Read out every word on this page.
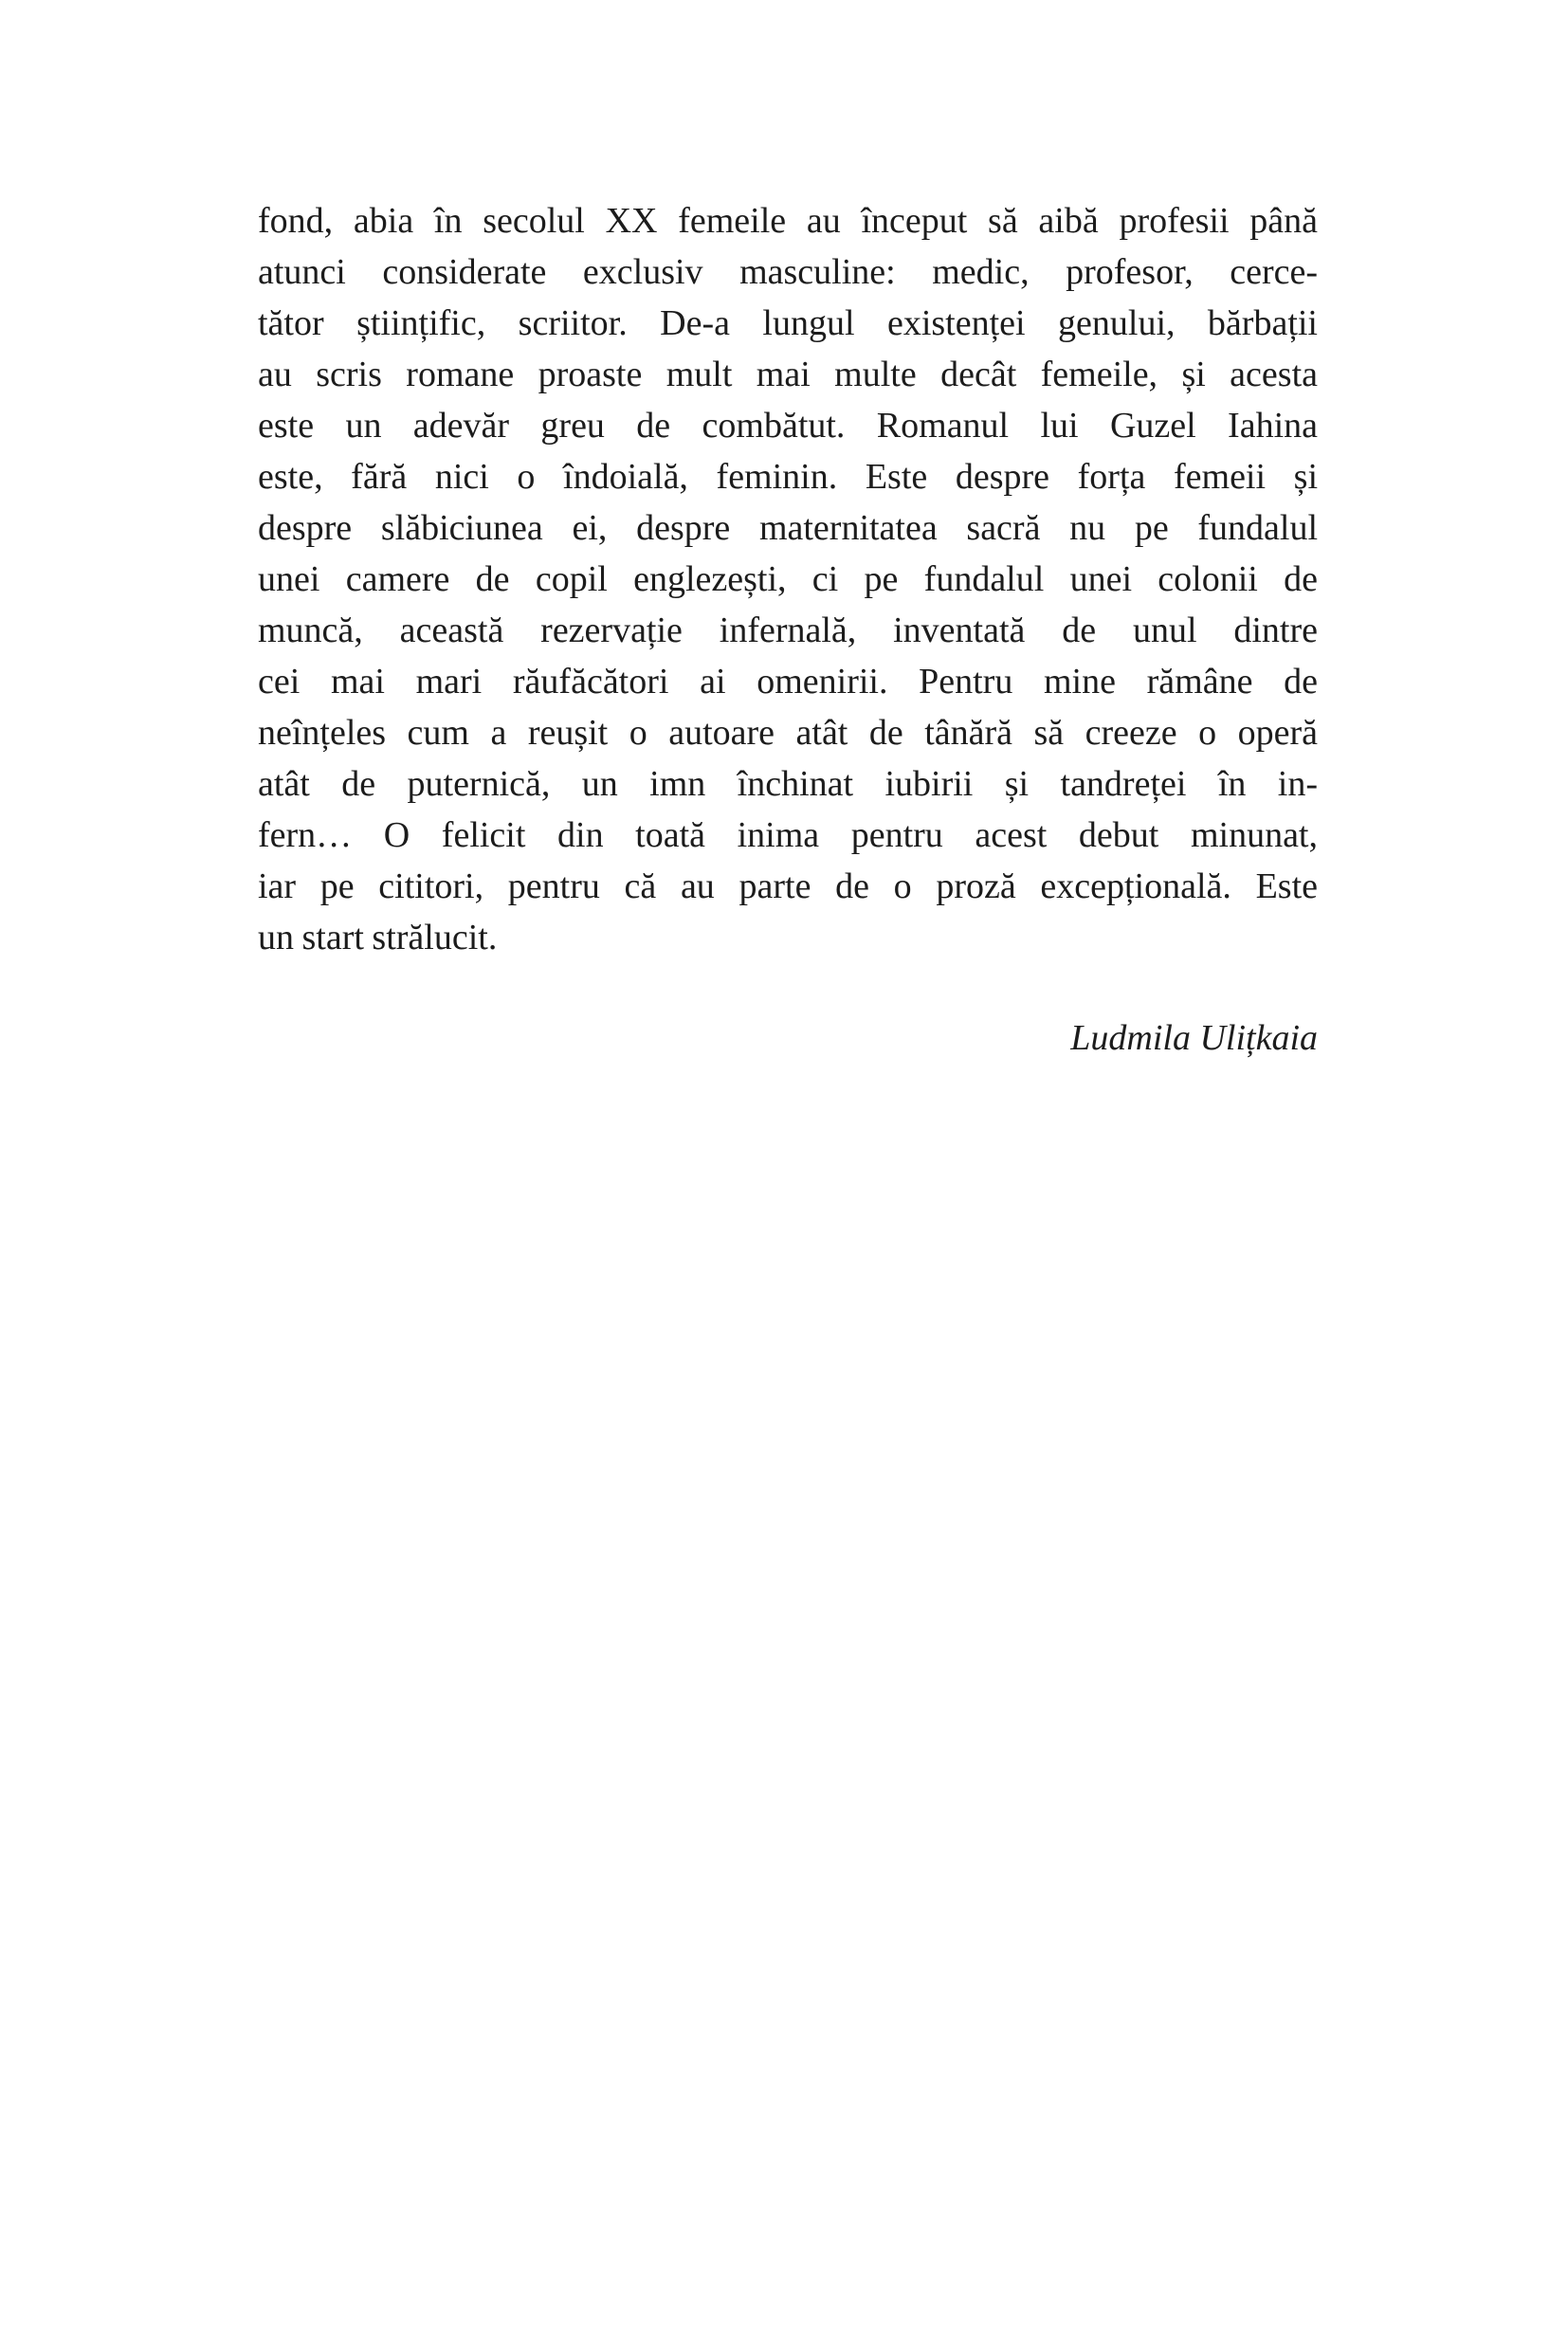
fond, abia în secolul XX femeile au început să aibă profesii până
atunci considerate exclusiv masculine: medic, profesor, cerce-
tător științific, scriitor. De-a lungul existenței genului, bărbații
au scris romane proaste mult mai multe decât femeile, și acesta
este un adevăr greu de combătut. Romanul lui Guzel Iahina
este, fără nici o îndoială, feminin. Este despre forța femeii și
despre slăbiciunea ei, despre maternitatea sacră nu pe fundalul
unei camere de copil englezești, ci pe fundalul unei colonii de
muncă, această rezervație infernală, inventată de unul dintre
cei mai mari răufăcători ai omenirii. Pentru mine rămâne de
neînțeles cum a reușit o autoare atât de tânără să creeze o operă
atât de puternică, un imn închinat iubirii și tandreței în in-
fern… O felicit din toată inima pentru acest debut minunat,
iar pe cititori, pentru că au parte de o proză excepțională. Este
un start strălucit.
Ludmila Ulițkaia
